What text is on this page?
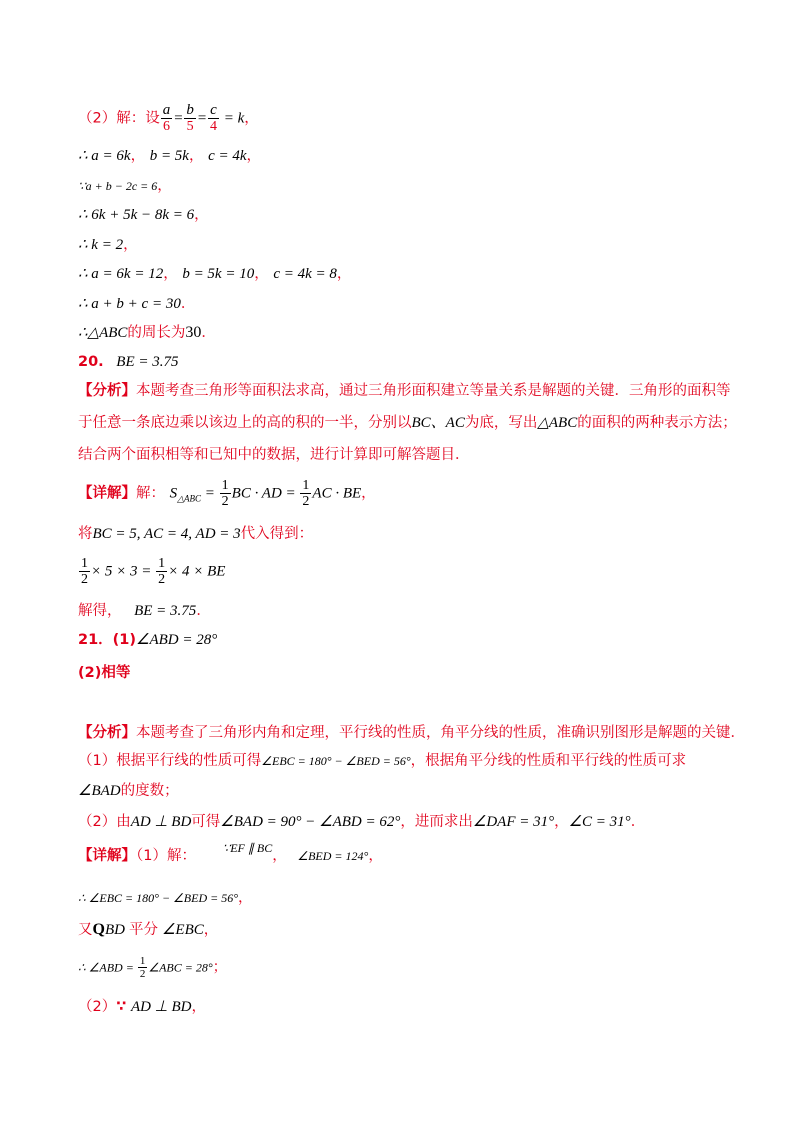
（2）解：设 $\frac{a}{6} = \frac{b}{5} = \frac{c}{4} = k$，
∴ a = 6k， b = 5k， c = 4k，
∵a + b − 2c = 6，
∴ 6k + 5k − 8k = 6，
∴ k = 2，
∴ a = 6k = 12， b = 5k = 10， c = 4k = 8，
∴ a + b + c = 30．
∴△ABC的周长为30．
20. BE = 3.75
【分析】本题考查三角形等面积法求高，通过三角形面积建立等量关系是解题的关键．三角形的面积等
于任意一条底边乘以该边上的高的积的一半，分别以BC、AC为底，写出△ABC的面积的两种表示方法；
结合两个面积相等和已知中的数据，进行计算即可解答题目．
【详解】解： $S_{\triangle ABC} = \frac{1}{2}$ BC · AD = $\frac{1}{2}$ AC · BE，
将BC = 5, AC = 4, AD = 3代入得到：
$\frac{1}{2} \times 5 \times 3 = \frac{1}{2} \times 4$ × BE
解得， BE = 3.75．
21．(1)∠ABD = 28°
(2)相等
【分析】本题考查了三角形内角和定理，平行线的性质，角平分线的性质，准确识别图形是解题的关键．
（1）根据平行线的性质可得∠EBC = 180° − ∠BED = 56°，根据角平分线的性质和平行线的性质可求
∠BAD的度数；
（2）由AD ⊥ BD可得∠BAD = 90° − ∠ABD = 62°，进而求出∠DAF = 31°，∠C = 31°．
【详解】（1）解： $^{\because EF \parallel BC}$， ∠BED = 124°，
∴ ∠EBC = 180° − ∠BED = 56°，
又QBD 平分 ∠EBC，
∴ ∠ABD = $\frac{1}{2}$ ∠ABC = 28°；
（2）∵ AD ⊥ BD，
